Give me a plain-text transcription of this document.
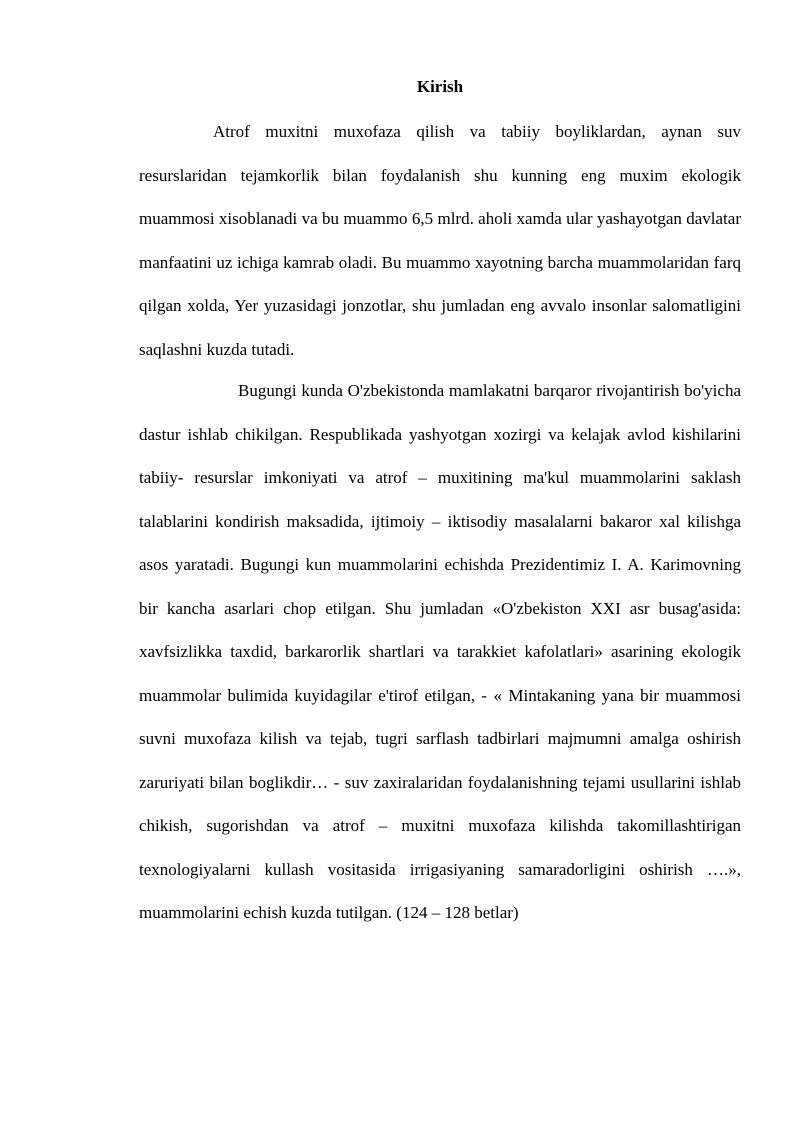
Kirish

Atrof muxitni muxofaza qilish va tabiiy boyliklardan, aynan suv resurslaridan tejamkorlik bilan foydalanish shu kunning eng muxim ekologik muammosi xisoblanadi va bu muammo 6,5 mlrd. aholi xamda ular yashayotgan davlatar manfaatini uz ichiga kamrab oladi. Bu muammo xayotning barcha muammolaridan farq qilgan xolda, Yer yuzasidagi jonzotlar, shu jumladan eng avvalo insonlar salomatligini saqlashni kuzda tutadi.

Bugungi kunda O'zbekistonda mamlakatni barqaror rivojantirish bo'yicha dastur ishlab chikilgan. Respublikada yashyotgan xozirgi va kelajak avlod kishilarini tabiiy- resurslar imkoniyati va atrof – muxitining ma'kul muammolarini saklash talablarini kondirish maksadida, ijtimoiy – iktisodiy masalalarni bakaror xal kilishga asos yaratadi. Bugungi kun muammolarini echishda Prezidentimiz I. A. Karimovning bir kancha asarlari chop etilgan. Shu jumladan «O'zbekiston XXI asr busag'asida: xavfsizlikka taxdid, barkarorlik shartlari va tarakkiet kafolatlari» asarining ekologik muammolar bulimida kuyidagilar e'tirof etilgan, - « Mintakaning yana bir muammosi suvni muxofaza kilish va tejab, tugri sarflash tadbirlari majmumni amalga oshirish zaruriyati bilan boglikdir… - suv zaxiralaridan foydalanishning tejami usullarini ishlab chikish, sugorishdan va atrof – muxitni muxofaza kilishda takomillashtirigan texnologiyalarni kullash vositasida irrigasiyaning samaradorligini oshirish ….», muammolarini echish kuzda tutilgan. (124 – 128 betlar)
